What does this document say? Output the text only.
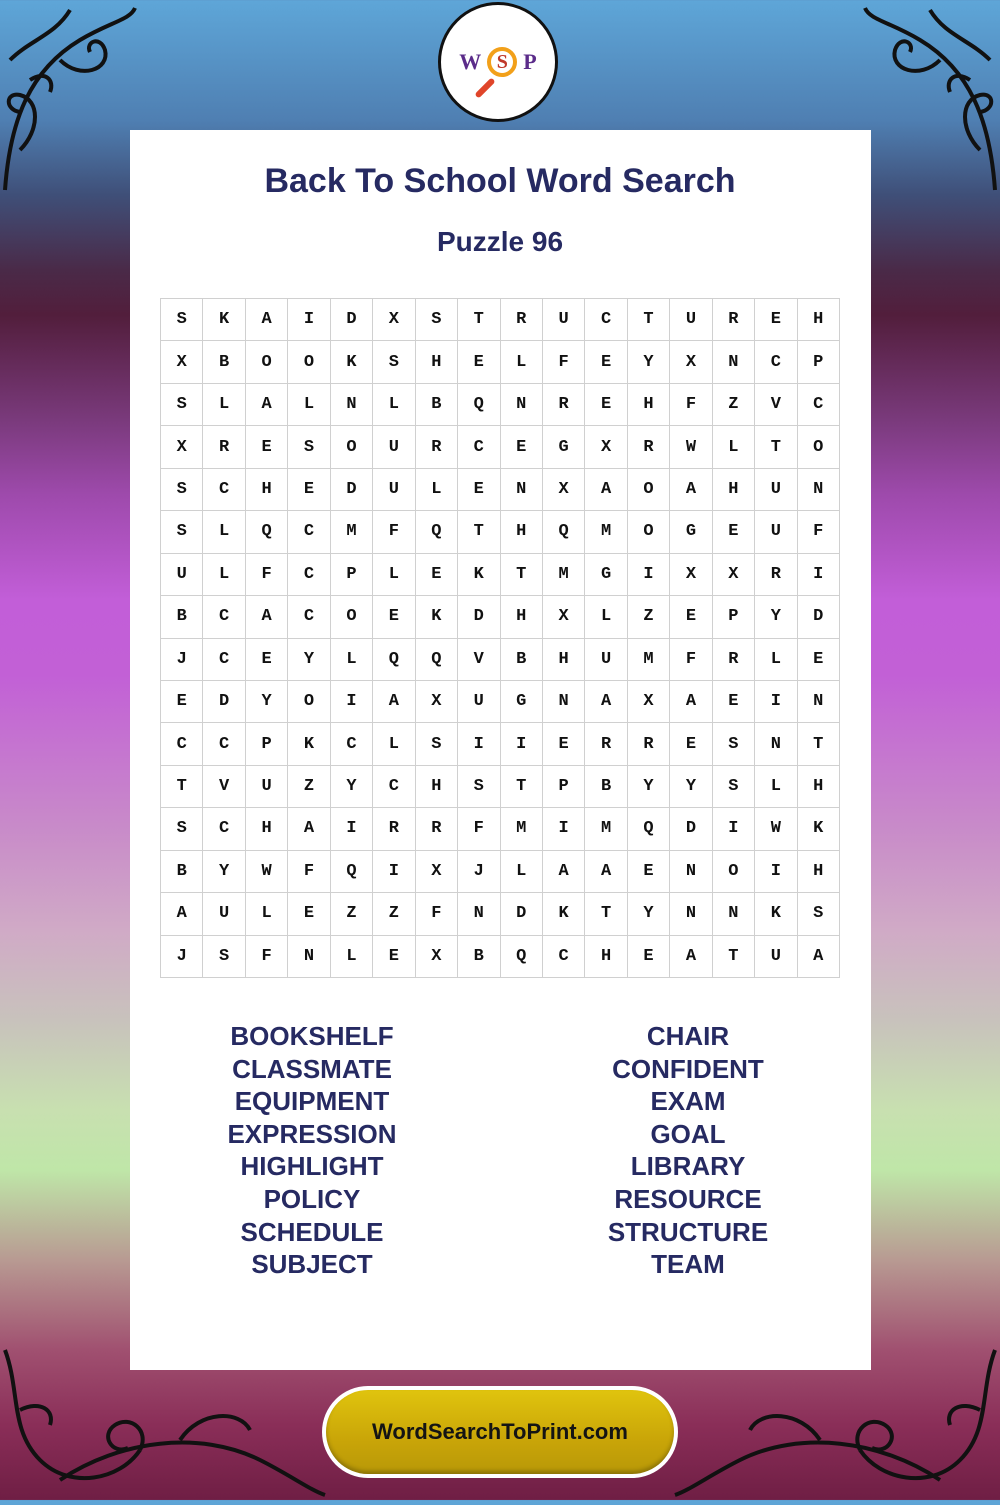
W S P
Back To School Word Search
Puzzle 96
S	K	A	I	D	X	S	T	R	U	C	T	U	R	E	H
X	B	O	O	K	S	H	E	L	F	E	Y	X	N	C	P
S	L	A	L	N	L	B	Q	N	R	E	H	F	Z	V	C
X	R	E	S	O	U	R	C	E	G	X	R	W	L	T	O
S	C	H	E	D	U	L	E	N	X	A	O	A	H	U	N
S	L	Q	C	M	F	Q	T	H	Q	M	O	G	E	U	F
U	L	F	C	P	L	E	K	T	M	G	I	X	X	R	I
B	C	A	C	O	E	K	D	H	X	L	Z	E	P	Y	D
J	C	E	Y	L	Q	Q	V	B	H	U	M	F	R	L	E
E	D	Y	O	I	A	X	U	G	N	A	X	A	E	I	N
C	C	P	K	C	L	S	I	I	E	R	R	E	S	N	T
T	V	U	Z	Y	C	H	S	T	P	B	Y	Y	S	L	H
S	C	H	A	I	R	R	F	M	I	M	Q	D	I	W	K
B	Y	W	F	Q	I	X	J	L	A	A	E	N	O	I	H
A	U	L	E	Z	Z	F	N	D	K	T	Y	N	N	K	S
J	S	F	N	L	E	X	B	Q	C	H	E	A	T	U	A
BOOKSHELF
CLASSMATE
EQUIPMENT
EXPRESSION
HIGHLIGHT
POLICY
SCHEDULE
SUBJECT
CHAIR
CONFIDENT
EXAM
GOAL
LIBRARY
RESOURCE
STRUCTURE
TEAM
WordSearchToPrint.com
